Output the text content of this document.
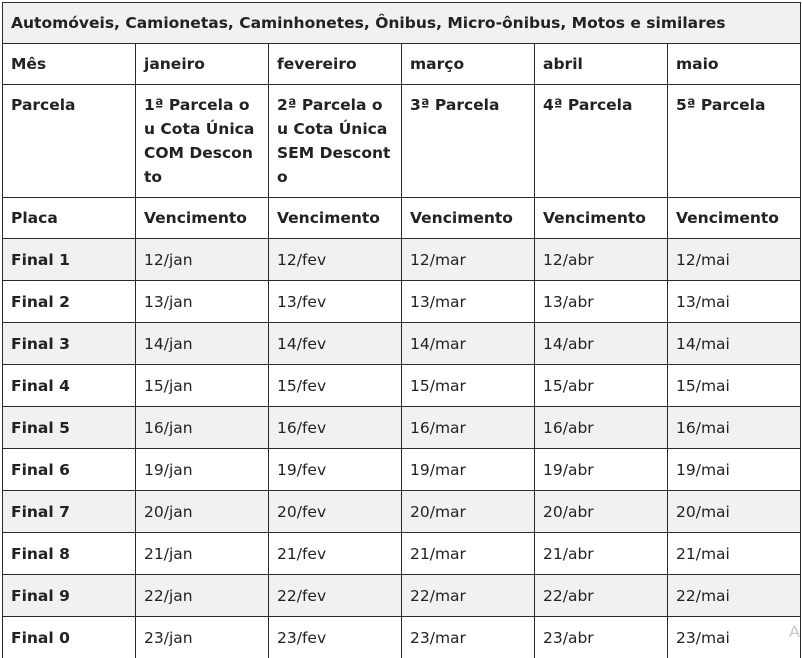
Automóveis, Camionetas, Caminhonetes, Ônibus, Micro-ônibus, Motos e similares					
Mês	janeiro	fevereiro	março	abril	maio
Parcela	1ª Parcela ou Cota Única COM Desconto	2ª Parcela ou Cota Única SEM Desconto	3ª Parcela	4ª Parcela	5ª Parcela
Placa	Vencimento	Vencimento	Vencimento	Vencimento	Vencimento
Final 1	12/jan	12/fev	12/mar	12/abr	12/mai
Final 2	13/jan	13/fev	13/mar	13/abr	13/mai
Final 3	14/jan	14/fev	14/mar	14/abr	14/mai
Final 4	15/jan	15/fev	15/mar	15/abr	15/mai
Final 5	16/jan	16/fev	16/mar	16/abr	16/mai
Final 6	19/jan	19/fev	19/mar	19/abr	19/mai
Final 7	20/jan	20/fev	20/mar	20/abr	20/mai
Final 8	21/jan	21/fev	21/mar	21/abr	21/mai
Final 9	22/jan	22/fev	22/mar	22/abr	22/mai
Final 0	23/jan	23/fev	23/mar	23/abr	23/mai	A
